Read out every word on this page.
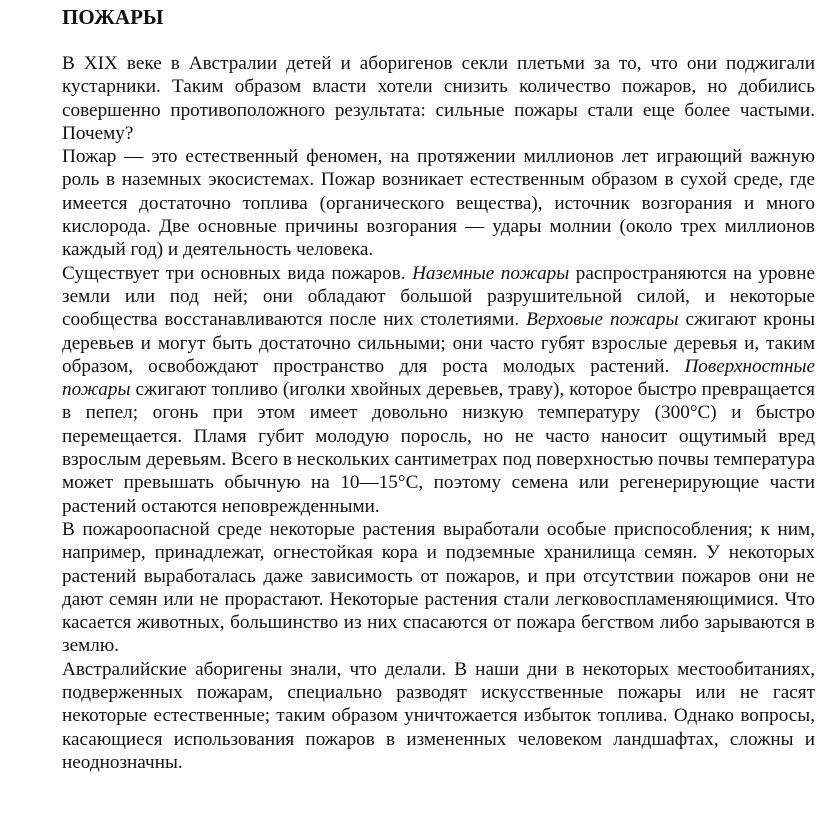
ПОЖАРЫ

В XIX веке в Австралии детей и аборигенов секли плетьми за то, что они поджигали кустарники. Таким образом власти хотели снизить количество пожаров, но добились совершенно противоположного результата: сильные пожары стали еще более частыми. Почему?

Пожар — это естественный феномен, на протяжении миллионов лет играющий важную роль в наземных экосистемах. Пожар возникает естественным образом в сухой среде, где имеется достаточно топлива (органического вещества), источник возгорания и много кислорода. Две основные причины возгорания — удары молнии (около трех миллионов каждый год) и деятельность человека.

Существует три основных вида пожаров. Наземные пожары распространяются на уровне земли или под ней; они обладают большой разрушительной силой, и некоторые сообщества восстанавливаются после них столетиями. Верховые пожары сжигают кроны деревьев и могут быть достаточно сильными; они часто губят взрослые деревья и, таким образом, освобождают пространство для роста молодых растений. Поверхностные пожары сжигают топливо (иголки хвойных деревьев, траву), которое быстро превращается в пепел; огонь при этом имеет довольно низкую температуру (300°C) и быстро перемещается. Пламя губит молодую поросль, но не часто наносит ощутимый вред взрослым деревьям. Всего в нескольких сантиметрах под поверхностью почвы температура может превышать обычную на 10—15°C, поэтому семена или регенерирующие части растений остаются неповрежденными.

В пожароопасной среде некоторые растения выработали особые приспособления; к ним, например, принадлежат, огнестойкая кора и подземные хранилища семян. У некоторых растений выработалась даже зависимость от пожаров, и при отсутствии пожаров они не дают семян или не прорастают. Некоторые растения стали легковоспламеняющимися. Что касается животных, большинство из них спасаются от пожара бегством либо зарываются в землю.

Австралийские аборигены знали, что делали. В наши дни в некоторых местообитаниях, подверженных пожарам, специально разводят искусственные пожары или не гасят некоторые естественные; таким образом уничтожается избыток топлива. Однако вопросы, касающиеся использования пожаров в измененных человеком ландшафтах, сложны и неоднозначны.
